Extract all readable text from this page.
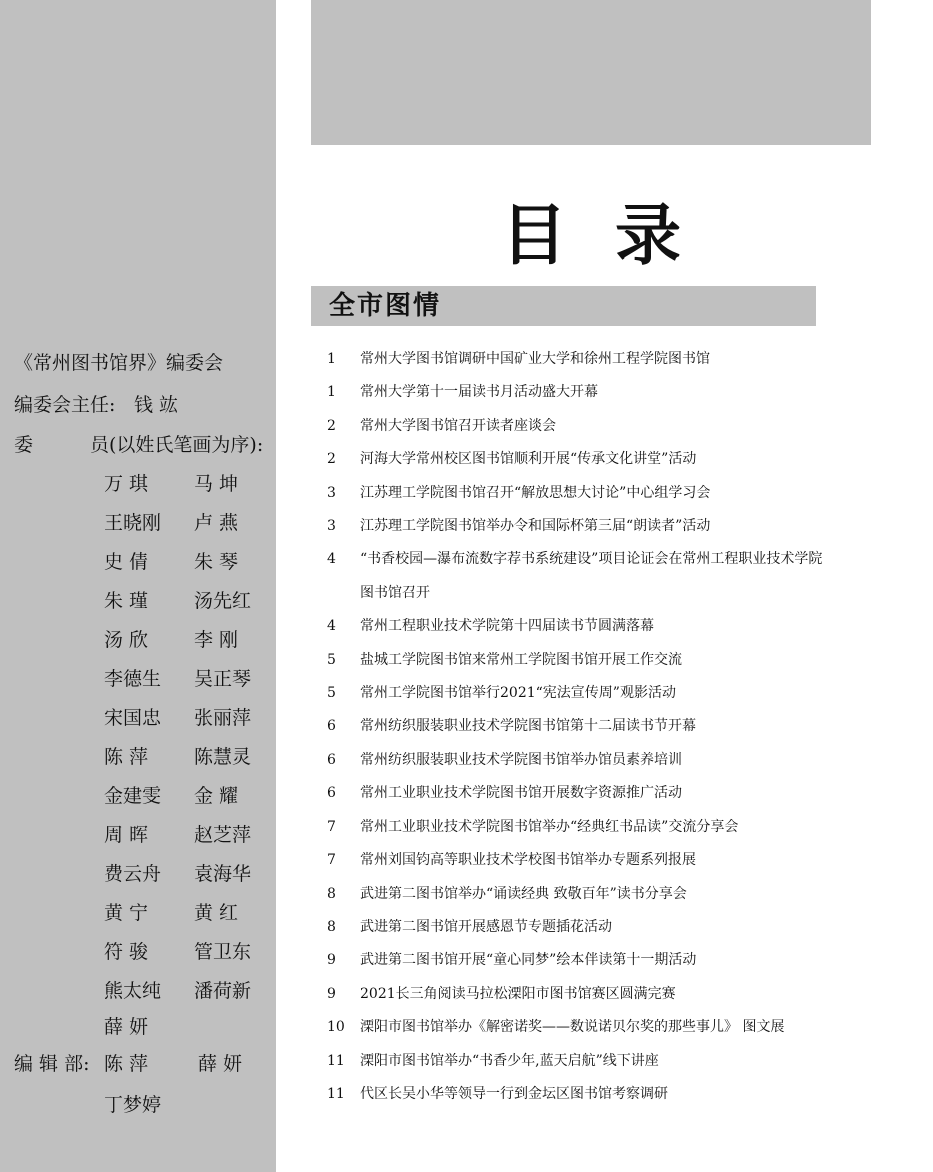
《常州图书馆界》编委会
编委会主任: 钱 竑
委	员(以姓氏笔画为序):
万 琪 马 坤
王晓刚 卢 燕
史 倩 朱 琴
朱 瑾 汤先红
汤 欣 李 刚
李德生 吴正琴
宋国忠 张丽萍
陈 萍 陈慧灵
金建雯 金 耀
周 晖 赵芝萍
费云舟 袁海华
黄 宁 黄 红
符 骏 管卫东
熊太纯 潘荷新
薛 妍
编 辑 部: 陈 萍	薛 妍
丁梦婷
目录
全市图情
1	常州大学图书馆调研中国矿业大学和徐州工程学院图书馆
1	常州大学第十一届读书月活动盛大开幕
2	常州大学图书馆召开读者座谈会
2	河海大学常州校区图书馆顺利开展“传承文化讲堂”活动
3	江苏理工学院图书馆召开“解放思想大讨论”中心组学习会
3	江苏理工学院图书馆举办令和国际杯第三届“朗读者”活动
4	“书香校园—瀑布流数字荐书系统建设”项目论证会在常州工程职业技术学院图书馆召开
4	常州工程职业技术学院第十四届读书节圆满落幕
5	盐城工学院图书馆来常州工学院图书馆开展工作交流
5	常州工学院图书馆举行2021“宪法宣传周”观影活动
6	常州纺织服装职业技术学院图书馆第十二届读书节开幕
6	常州纺织服装职业技术学院图书馆举办馆员素养培训
6	常州工业职业技术学院图书馆开展数字资源推广活动
7	常州工业职业技术学院图书馆举办“经典红书品读”交流分享会
7	常州刘国钧高等职业技术学校图书馆举办专题系列报展
8	武进第二图书馆举办“诵读经典 致敬百年”读书分享会
8	武进第二图书馆开展感恩节专题插花活动
9	武进第二图书馆开展“童心同梦”绘本伴读第十一期活动
9	2021长三角阅读马拉松溧阳市图书馆赛区圆满完赛
10	溧阳市图书馆举办《解密诺奖——数说诺贝尔奖的那些事儿》 图文展
11	溧阳市图书馆举办“书香少年,蓝天启航”线下讲座
11	代区长吴小华等领导一行到金坛区图书馆考察调研
